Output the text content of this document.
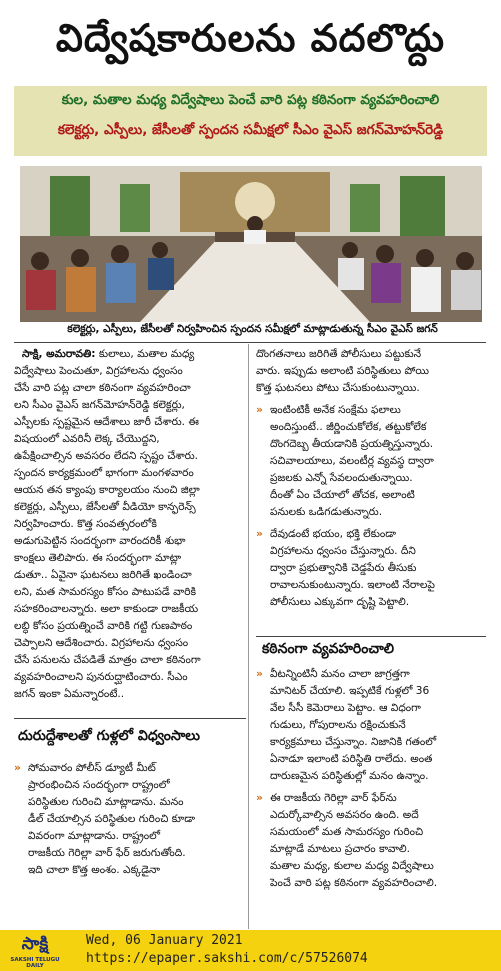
విద్వేషకారులను వదలొద్దు
కుల, మతాల మధ్య విద్వేషాలు పెంచే వారి పట్ల కఠినంగా వ్యవహరించాలి
కలెక్టర్లు, ఎస్పీలు, జేసీలతో స్పందన సమీక్షలో సీఎం వైఎస్ జగన్‌మోహన్‌రెడ్డి
కలెక్టర్లు, ఎస్పీలు, జేసీలతో నిర్వహించిన స్పందన సమీక్షలో మాట్లాడుతున్న సీఎం వైఎస్ జగన్

సాక్షి, అమరావతి: కులాలు, మతాల మధ్య

విద్వేషాలు పెంచుతూ, విగ్రహాలను ధ్వంసం

చేసే వారి పట్ల చాలా కఠినంగా వ్యవహరించా

లని సీఎం వైఎస్ జగన్‌మోహన్‌రెడ్డి కలెక్టర్లు,

ఎస్పీలకు స్పష్టమైన ఆదేశాలు జారీ చేశారు. ఈ

విషయంలో ఎవరినీ లెక్క చేయొద్దని,

ఉపేక్షించాల్సిన అవసరం లేదని స్పష్టం చేశారు.

స్పందన కార్యక్రమంలో భాగంగా మంగళవారం

ఆయన తన క్యాంపు కార్యాలయం నుంచి జిల్లా

కలెక్టర్లు, ఎస్పీలు, జేసీలతో వీడియో కాన్ఫరెన్స్

నిర్వహించారు. కొత్త సంవత్సరంలోకి

అడుగుపెట్టిన సందర్భంగా వారందరికీ శుభా

కాంక్షలు తెలిపారు. ఈ సందర్భంగా మాట్లా

డుతూ.. ఏవైనా ఘటనలు జరిగితే ఖండించా

లని, మత సామరస్యం కోసం పాటుపడే వారికి

సహకరించాలన్నారు. అలా కాకుండా రాజకీయ

లబ్ధి కోసం ప్రయత్నించే వారికి గట్టి గుణపాఠం

చెప్పాలని ఆదేశించారు. విగ్రహాలను ధ్వంసం

చేసే పనులను చేపడితే మాత్రం చాలా కఠినంగా

వ్యవహరించాలని పునరుద్ఘాటించారు. సీఎం

జగన్ ఇంకా ఏమన్నారంటే..

దురుద్దేశాలతో గుళ్లలో విధ్వంసాలు
» సోమవారం పోలీస్ డ్యూటీ మీట్

ప్రారంభించిన సందర్భంగా రాష్ట్రంలో

పరిస్థితుల గురించి మాట్లాడాను. మనం

డీల్ చేయాల్సిన పరిస్థితుల గురించి కూడా

వివరంగా మాట్లాడాను. రాష్ట్రంలో

రాజకీయ గెరిల్లా వార్ ఫేర్ జరుగుతోంది.

ఇది చాలా కొత్త అంశం. ఎక్కడైనా

దొంగతనాలు జరిగితే పోలీసులు పట్టుకునే

వారు. ఇప్పుడు అలాంటి పరిస్థితులు పోయి

కొత్త ఘటనలు పోటు చేసుకుంటున్నాయి.

» ఇంటింటికీ అనేక సంక్షేమ ఫలాలు

అందిస్తుంటే.. జీర్ణించుకోలేక, తట్టుకోలేక

దొంగదెబ్బ తీయడానికి ప్రయత్నిస్తున్నారు.

సచివాలయాలు, వలంటీర్ల వ్యవస్థ ద్వారా

ప్రజలకు ఎన్నో సేవలందుతున్నాయి.

దీంతో ఏం చేయాలో తోచక, అలాంటి

పనులకు ఒడిగడుతున్నారు.

» దేవుడంటే భయం, భక్తి లేకుండా

విగ్రహాలను ధ్వంసం చేస్తున్నారు. దీని

ద్వారా ప్రభుత్వానికి చెడ్డపేరు తీసుకు

రావాలనుకుంటున్నారు. ఇలాంటి నేరాలపై

పోలీసులు ఎక్కువగా దృష్టి పెట్టాలి.

కఠినంగా వ్యవహరించాలి
» వీటన్నింటినీ మనం చాలా జాగ్రత్తగా

మానిటర్ చేయాలి. ఇప్పటికే గుళ్లలో 36

వేల సీసీ కెమెరాలు పెట్టాం. ఆ విధంగా

గుడులు, గోపురాలను రక్షించుకునే

కార్యక్రమాలు చేస్తున్నాం. నిజానికి గతంలో

ఏనాడూ ఇలాంటి పరిస్థితి రాలేదు. అంత

దారుణమైన పరిస్థితుల్లో మనం ఉన్నాం.

» ఈ రాజకీయ గెరిల్లా వార్ ఫేర్‌ను

ఎదుర్కోవాల్సిన అవసరం ఉంది. అదే

సమయంలో మత సామరస్యం గురించి

మాట్లాడే మాటలు ప్రచారం కావాలి.

మతాల మధ్య, కులాల మధ్య విద్వేషాలు

పెంచే వారి పట్ల కఠినంగా వ్యవహరించాలి.

సాక్షి
SAKSHI TELUGU DAILY
Wed, 06 January 2021
https://epaper.sakshi.com/c/57526074
